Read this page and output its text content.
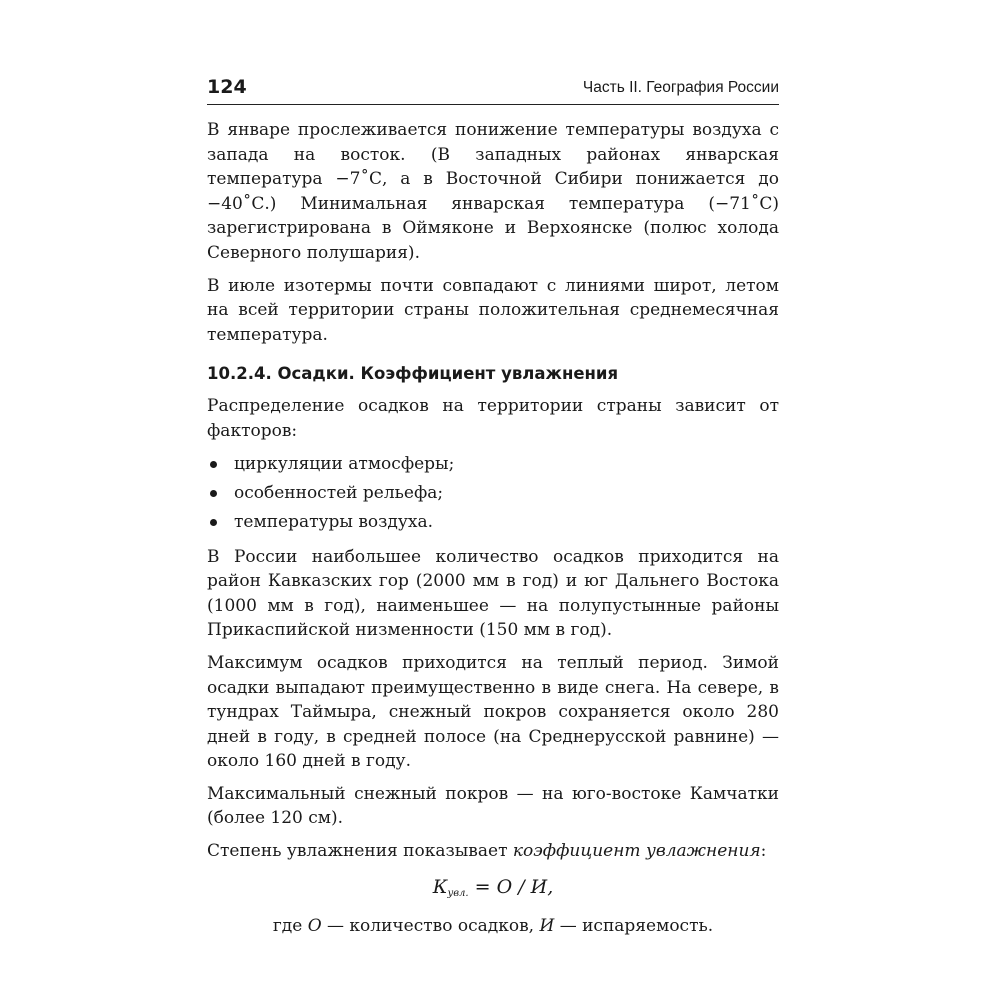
124	Часть II. География России

В январе прослеживается понижение температуры воздуха с запада на восток. (В западных районах январская температура −7˚С, а в Восточной Сибири понижается до −40˚С.) Минимальная январская температура (−71˚С) зарегистрирована в Оймяконе и Верхоянске (полюс холода Северного полушария).

В июле изотермы почти совпадают с линиями широт, летом на всей территории страны положительная среднемесячная температура.

10.2.4. Осадки. Коэффициент увлажнения

Распределение осадков на территории страны зависит от факторов:

циркуляции атмосферы;
особенностей рельефа;
температуры воздуха.

В России наибольшее количество осадков приходится на район Кавказских гор (2000 мм в год) и юг Дальнего Востока (1000 мм в год), наименьшее — на полупустынные районы Прикаспийской низменности (150 мм в год).

Максимум осадков приходится на теплый период. Зимой осадки выпадают преимущественно в виде снега. На севере, в тундрах Таймыра, снежный покров сохраняется около 280 дней в году, в средней полосе (на Среднерусской равнине) — около 160 дней в году.

Максимальный снежный покров — на юго-востоке Камчатки (более 120 см).

Степень увлажнения показывает коэффициент увлажнения:

$К_{увл.} = О / И$,
где О — количество осадков, И — испаряемость.
